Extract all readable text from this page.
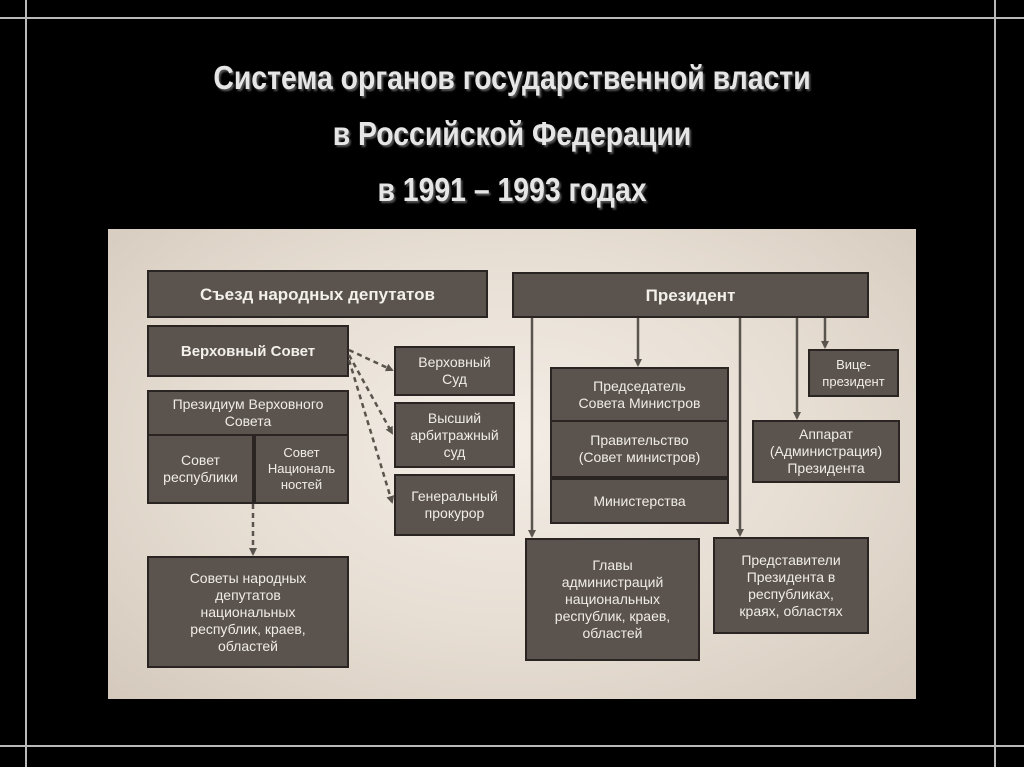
Система органов государственной власти
в Российской Федерации
в 1991 – 1993 годах
Съезд народных депутатов
Верховный Совет
Верховный
Суд
Высший
арбитражный
суд
Генеральный
прокурор
Президиум Верховного
Совета
Совет
республики
Совет
Националь
ностей
Советы народных
депутатов
национальных
республик, краев,
областей
Президент
Вице-
президент
Председатель
Совета Министров
Правительство
(Совет министров)
Министерства
Аппарат
(Администрация)
Президента
Главы
администраций
национальных
республик, краев,
областей
Представители
Президента в
республиках,
краях, областях
